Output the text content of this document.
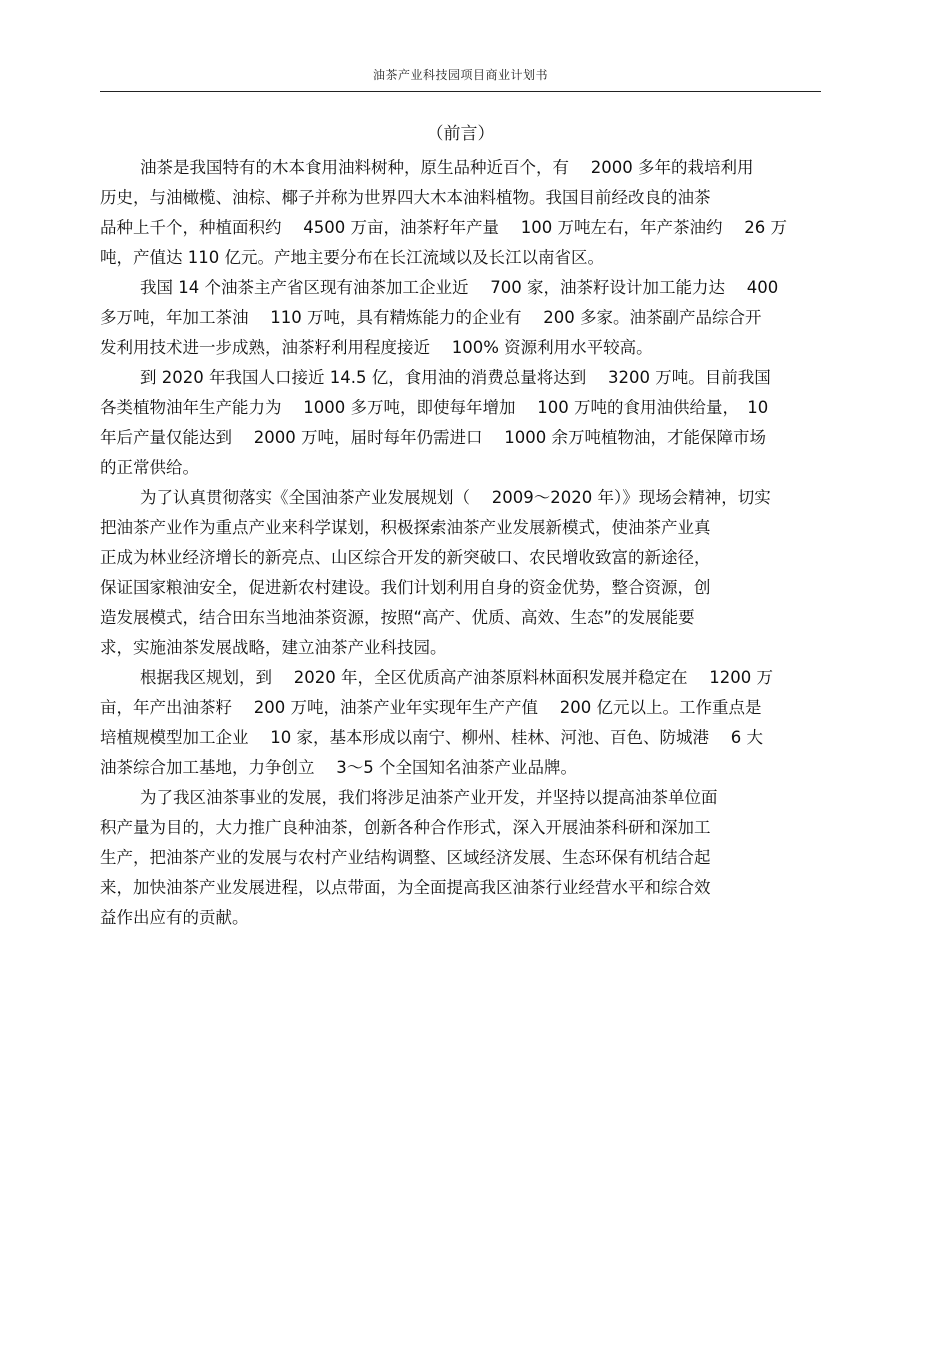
油茶产业科技园项目商业计划书
（前言）
油茶是我国特有的木本食用油料树种，原生品种近百个，有 　2000 多年的栽培利用
历史，与油橄榄、油棕、椰子并称为世界四大木本油料植物。我国目前经改良的油茶
品种上千个，种植面积约 　4500 万亩，油茶籽年产量 　100 万吨左右，年产茶油约 　26 万
吨，产值达 110 亿元。产地主要分布在长江流域以及长江以南省区。
我国 14 个油茶主产省区现有油茶加工企业近 　700 家，油茶籽设计加工能力达 　400
多万吨，年加工茶油 　110 万吨，具有精炼能力的企业有 　200 多家。油茶副产品综合开
发利用技术进一步成熟，油茶籽利用程度接近 　100% 资源利用水平较高。
到 2020 年我国人口接近 14.5 亿，食用油的消费总量将达到 　3200 万吨。目前我国
各类植物油年生产能力为 　1000 多万吨，即使每年增加 　100 万吨的食用油供给量，　10
年后产量仅能达到 　2000 万吨，届时每年仍需进口 　1000 余万吨植物油，才能保障市场
的正常供给。
为了认真贯彻落实《全国油茶产业发展规划（ 　2009～2020 年）》现场会精神，切实
把油茶产业作为重点产业来科学谋划，积极探索油茶产业发展新模式，使油茶产业真
正成为林业经济增长的新亮点、山区综合开发的新突破口、农民增收致富的新途径，
保证国家粮油安全，促进新农村建设。我们计划利用自身的资金优势，整合资源，创
造发展模式，结合田东当地油茶资源，按照“高产、优质、高效、生态”的发展能要
求，实施油茶发展战略，建立油茶产业科技园。
根据我区规划，到 　2020 年，全区优质高产油茶原料林面积发展并稳定在 　1200 万
亩，年产出油茶籽 　200 万吨，油茶产业年实现年生产产值 　200 亿元以上。工作重点是
培植规模型加工企业 　10 家，基本形成以南宁、柳州、桂林、河池、百色、防城港 　6 大
油茶综合加工基地，力争创立 　3～5 个全国知名油茶产业品牌。
为了我区油茶事业的发展，我们将涉足油茶产业开发，并坚持以提高油茶单位面
积产量为目的，大力推广良种油茶，创新各种合作形式，深入开展油茶科研和深加工
生产，把油茶产业的发展与农村产业结构调整、区域经济发展、生态环保有机结合起
来，加快油茶产业发展进程，以点带面，为全面提高我区油茶行业经营水平和综合效
益作出应有的贡献。
